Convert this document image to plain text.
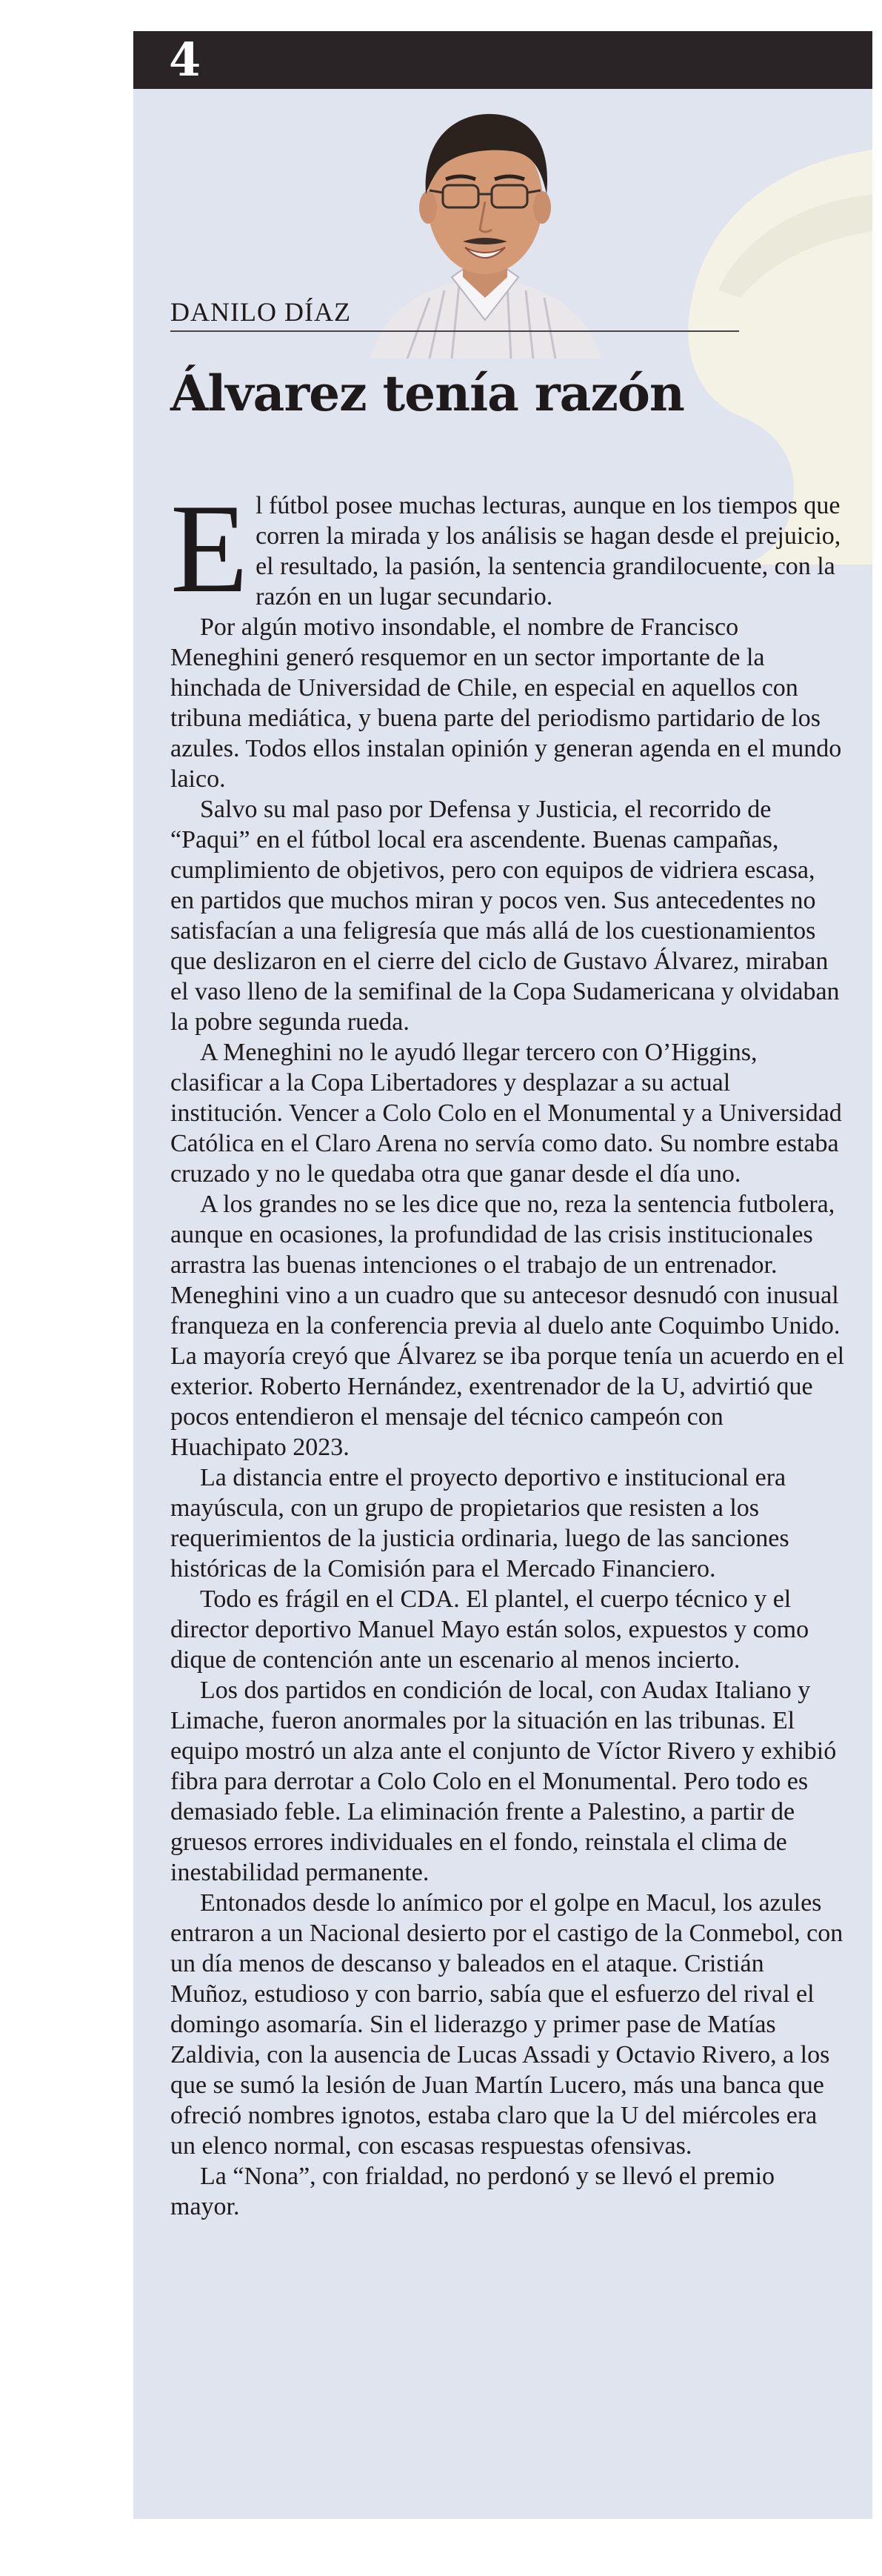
4

DANILO DÍAZ

Álvarez tenía razón

El fútbol posee muchas lecturas, aunque en los tiempos que corren la mirada y los análisis se hagan desde el prejuicio, el resultado, la pasión, la sentencia grandilocuente, con la razón en un lugar secundario.

Por algún motivo insondable, el nombre de Francisco Meneghini generó resquemor en un sector importante de la hinchada de Universidad de Chile, en especial en aquellos con tribuna mediática, y buena parte del periodismo partidario de los azules. Todos ellos instalan opinión y generan agenda en el mundo laico.

Salvo su mal paso por Defensa y Justicia, el recorrido de “Paqui” en el fútbol local era ascendente. Buenas campañas, cumplimiento de objetivos, pero con equipos de vidriera escasa, en partidos que muchos miran y pocos ven. Sus antecedentes no satisfacían a una feligresía que más allá de los cuestionamientos que deslizaron en el cierre del ciclo de Gustavo Álvarez, miraban el vaso lleno de la semifinal de la Copa Sudamericana y olvidaban la pobre segunda rueda.

A Meneghini no le ayudó llegar tercero con O’Higgins, clasificar a la Copa Libertadores y desplazar a su actual institución. Vencer a Colo Colo en el Monumental y a Universidad Católica en el Claro Arena no servía como dato. Su nombre estaba cruzado y no le quedaba otra que ganar desde el día uno.

A los grandes no se les dice que no, reza la sentencia futbolera, aunque en ocasiones, la profundidad de las crisis institucionales arrastra las buenas intenciones o el trabajo de un entrenador. Meneghini vino a un cuadro que su antecesor desnudó con inusual franqueza en la conferencia previa al duelo ante Coquimbo Unido. La mayoría creyó que Álvarez se iba porque tenía un acuerdo en el exterior. Roberto Hernández, exentrenador de la U, advirtió que pocos entendieron el mensaje del técnico campeón con Huachipato 2023.

La distancia entre el proyecto deportivo e institucional era mayúscula, con un grupo de propietarios que resisten a los requerimientos de la justicia ordinaria, luego de las sanciones históricas de la Comisión para el Mercado Financiero.

Todo es frágil en el CDA. El plantel, el cuerpo técnico y el director deportivo Manuel Mayo están solos, expuestos y como dique de contención ante un escenario al menos incierto.

Los dos partidos en condición de local, con Audax Italiano y Limache, fueron anormales por la situación en las tribunas. El equipo mostró un alza ante el conjunto de Víctor Rivero y exhibió fibra para derrotar a Colo Colo en el Monumental. Pero todo es demasiado feble. La eliminación frente a Palestino, a partir de gruesos errores individuales en el fondo, reinstala el clima de inestabilidad permanente.

Entonados desde lo anímico por el golpe en Macul, los azules entraron a un Nacional desierto por el castigo de la Conmebol, con un día menos de descanso y baleados en el ataque. Cristián Muñoz, estudioso y con barrio, sabía que el esfuerzo del rival el domingo asomaría. Sin el liderazgo y primer pase de Matías Zaldivia, con la ausencia de Lucas Assadi y Octavio Rivero, a los que se sumó la lesión de Juan Martín Lucero, más una banca que ofreció nombres ignotos, estaba claro que la U del miércoles era un elenco normal, con escasas respuestas ofensivas.

La “Nona”, con frialdad, no perdonó y se llevó el premio mayor.
